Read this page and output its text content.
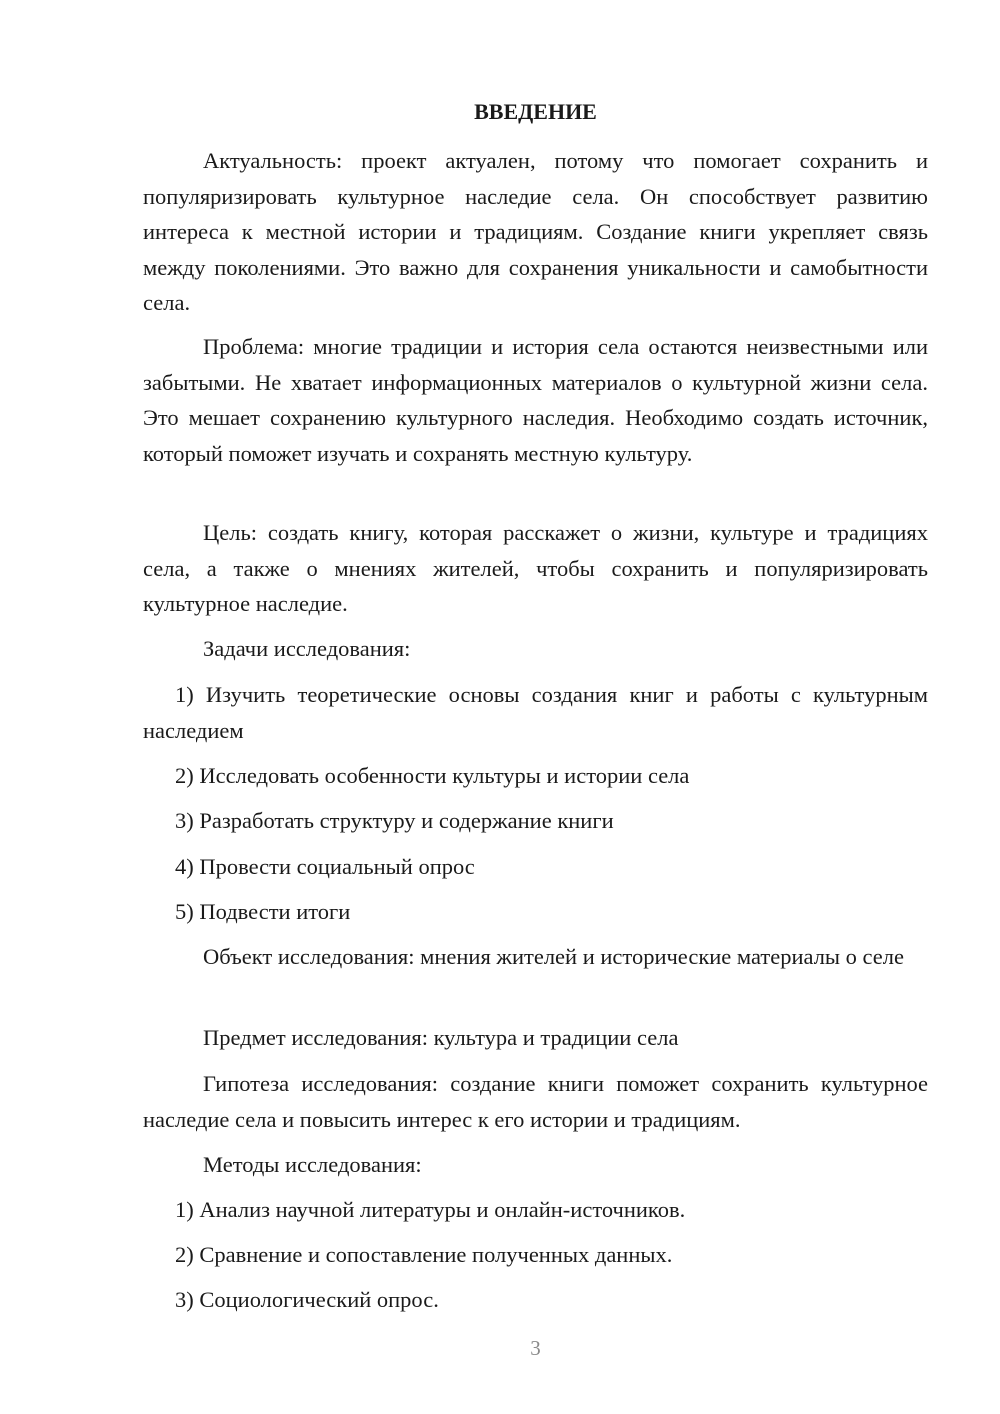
ВВЕДЕНИЕ

Актуальность: проект актуален, потому что помогает сохранить и популяризировать культурное наследие села. Он способствует развитию интереса к местной истории и традициям. Создание книги укрепляет связь между поколениями. Это важно для сохранения уникальности и самобытности села.

Проблема: многие традиции и история села остаются неизвестными или забытыми. Не хватает информационных материалов о культурной жизни села. Это мешает сохранению культурного наследия. Необходимо создать источник, который поможет изучать и сохранять местную культуру.

Цель: создать книгу, которая расскажет о жизни, культуре и традициях села, а также о мнениях жителей, чтобы сохранить и популяризировать культурное наследие.

Задачи исследования:

1) Изучить теоретические основы создания книг и работы с культурным наследием

2) Исследовать особенности культуры и истории села

3) Разработать структуру и содержание книги

4) Провести социальный опрос

5) Подвести итоги

Объект исследования: мнения жителей и исторические материалы о селе

Предмет исследования: культура и традиции села

Гипотеза исследования: создание книги поможет сохранить культурное наследие села и повысить интерес к его истории и традициям.

Методы исследования:

1) Анализ научной литературы и онлайн-источников.

2) Сравнение и сопоставление полученных данных.

3) Социологический опрос.

3
